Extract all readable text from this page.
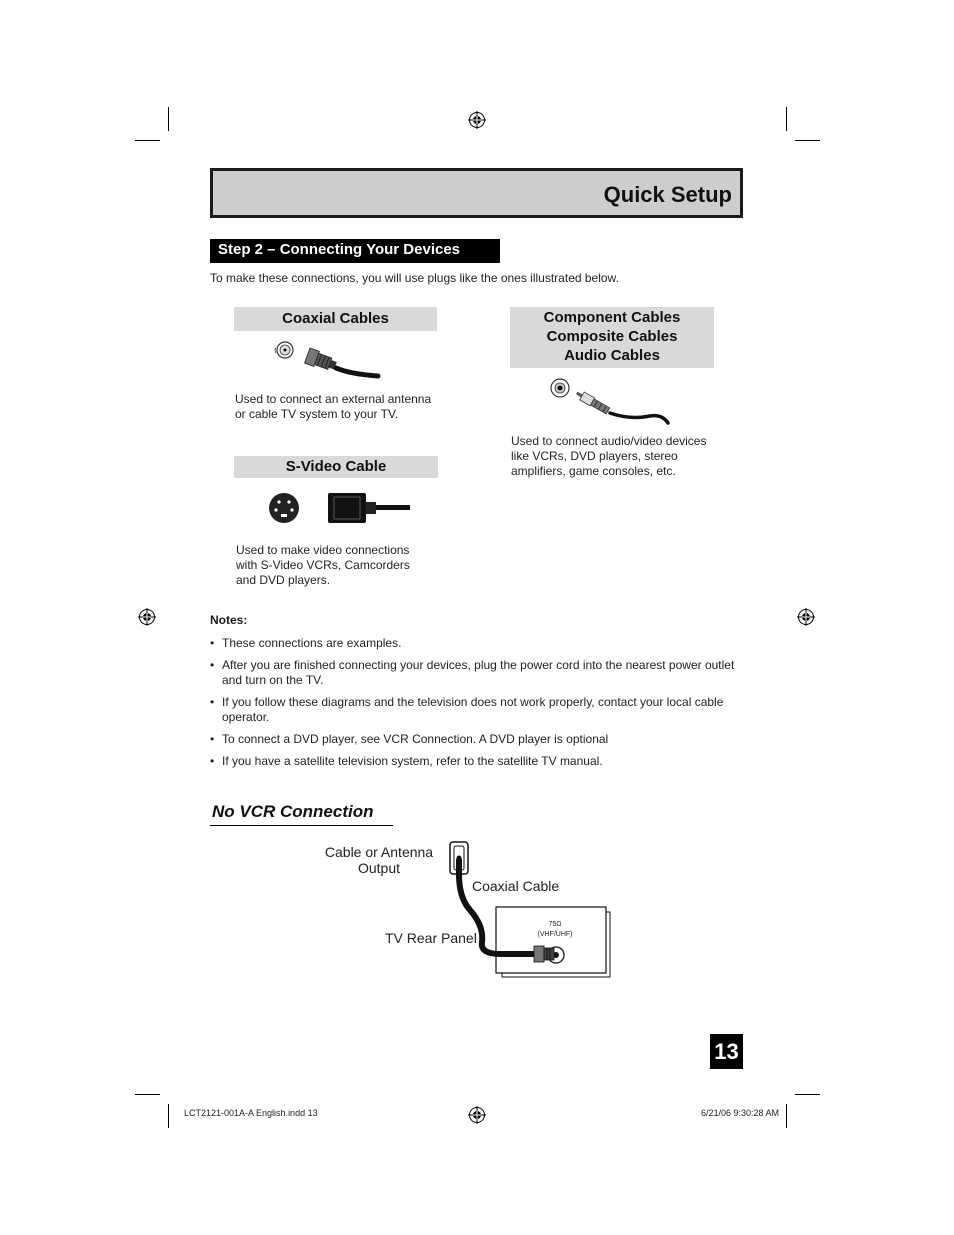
Quick Setup
Step 2 – Connecting Your Devices
To make these connections, you will use plugs like the ones illustrated below.
Coaxial Cables
Used to connect an external antenna or cable TV system to your TV.
S-Video Cable
Used to make video connections with S-Video VCRs, Camcorders and DVD players.
Component Cables
Composite Cables
Audio Cables
Used to connect audio/video devices like VCRs, DVD players, stereo amplifiers, game consoles, etc.
Notes:
• These connections are examples.
• After you are finished connecting your devices, plug the power cord into the nearest power outlet and turn on the TV.
• If you follow these diagrams and the television does not work properly, contact your local cable operator.
• To connect a DVD player, see VCR Connection. A DVD player is optional
• If you have a satellite television system, refer to the satellite TV manual.
No VCR Connection
Cable or Antenna
Output
Coaxial Cable
TV Rear Panel
75Ω
(VHF/UHF)
13
LCT2121-001A-A English.indd 13	6/21/06 9:30:28 AM
